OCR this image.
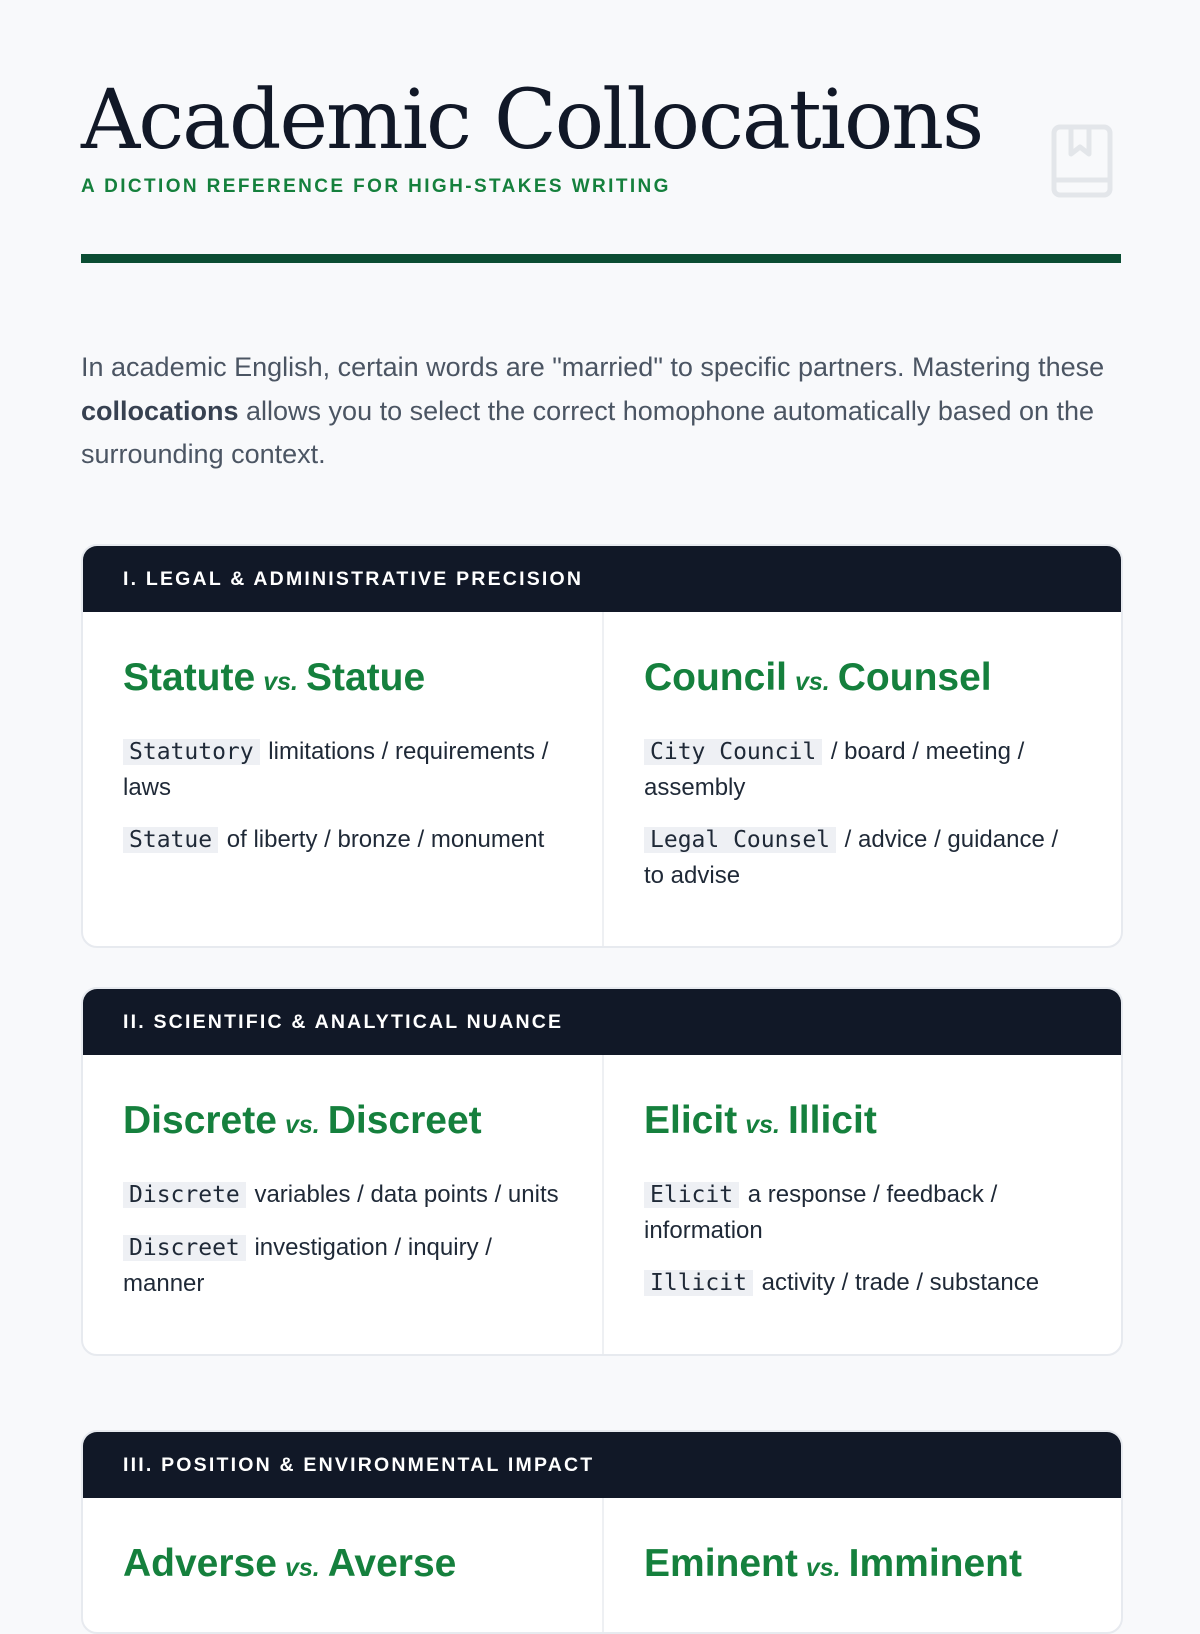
Academic Collocations
A DICTION REFERENCE FOR HIGH-STAKES WRITING

In academic English, certain words are "married" to specific partners. Mastering these collocations allows you to select the correct homophone automatically based on the surrounding context.

I. LEGAL & ADMINISTRATIVE PRECISION
Statute vs. Statue

Statutory limitations / requirements / laws

Statue of liberty / bronze / monument

Council vs. Counsel

City Council / board / meeting / assembly

Legal Counsel / advice / guidance / to advise

II. SCIENTIFIC & ANALYTICAL NUANCE
Discrete vs. Discreet

Discrete variables / data points / units

Discreet investigation / inquiry / manner

Elicit vs. Illicit

Elicit a response / feedback / information

Illicit activity / trade / substance

III. POSITION & ENVIRONMENTAL IMPACT
Adverse vs. Averse	Eminent vs. Imminent
